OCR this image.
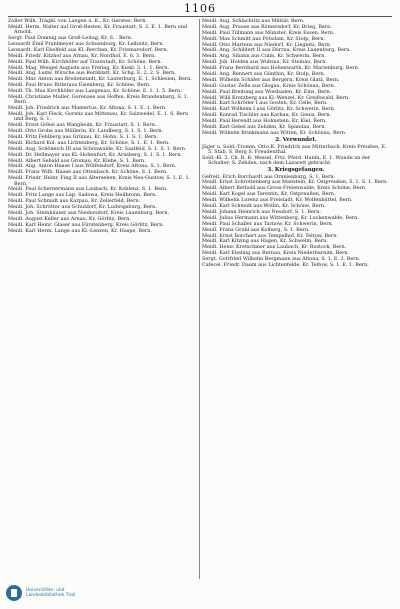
1106
Zoller Wilh. Trägkl. von Langen u. K., Kr. Gerstes, Bern.
Meidl. Herm. Walter auf Groß-Besten, Kr. Fraustatt, S. 2. E. 1. Bern und Arnold.
Sergt. Paul Domnig aus Groß-Leitag, Kr. S. . Bern.
Leonardt Emil Prahlmeyer aus Schuenburg, Kr. Leibnitz, Bern.
Leonardt. Karl Ebelfeld aus Kl.-Rerchen, Kr. Friemarsdorf, Bern.
Meidl. Friedr. Kitzhof aus Arnau, Kr. Nordhof, E. 6. 3. Bern.
Meidl. Paul Wilh. Kirchhöfer auf Trautstadt, Kr. Schöne, Bern.
Meidl. Mag. Wengel Auguste aus Freitag, Kr. Kiekl. 3. 1. 1. Bern.
Meidl. Ang. Ludw. Wirsche aus Bernblatt, Kr. Schg. E. 2. 2. S. Bern.
Meidl. Mar. Anton aus Breitenstadt, Kr. Lauterburg, E. 1. Schlesien, Bern.
Meidl. Paul Bruno Ritteraus Eisenberg, Kr. Schöne, Bern.
Meidl. Th. Max Kirchhöfer aus Langenau, Kr. Schöne, E. 1. 1. 5. Bern.
Meidl. Christiane Muller, Gorenase aus Hoffen, Kreis Brandenburg, S. 1. Bern.
Meidl. Joh. Friedrich aus Mamertus, Kr. Altona, S. 1. E. 1. Bern.
Meidl. Joh. Karl Fleck, Gorenz aus Mittenau, Kr. Salzwedel, E. 1. S. Bern und Berg, S. 1.
Meidl. Ernst Göbel aus Wangheim, Kr. Fraustatt, S. 1. Bern.
Meidl. Otto Grohe aus Müllerin, Kr. Landberg, S. 1. S. 1. Bern.
Meidl. Fritz Fehlberg aus Grünau, Kr. Hohn, S. 1. S. 1. Bern.
Meidl. Richard Kol. aus Lichtenberg, Kr. Schöne, S. 1. E. 1. Bern.
Meidl. Aug. Schöneich III aus Schönwalde, Kr. Saalfeld, S. 1. S. 1. Bern.
Meidl. Dr. Hellmayer aus Kl.-Hohenfurt, Kr. Arnsberg, S. 1. S. 1. Bern.
Meidl. Albert Sebald aus Gromau, Kr. Klebe, S. 1. Bern.
Meidl. Ang. Anton Haase I aus Wülfelsdorf, Kreis Altona, S. 1. Bern.
Meidl. Franz Wilh. Haase aus Ottenbach, Kr. Schöne, S. 1. Bern.
Meidl. Friedr. Heinr. Fing II aus Alterseben, Kreis Neu-Gustow, S. 1. E. 1. Bern.
Meidl. Paul Schernermann aus Laubach, Kr. Koblenz, S. 1. Bern.
Meidl. Fritz Lange aus Lap. Sadowa, Kreis Heilbronn, Bern.
Meidl. Paul Schmidt aus Karpau, Kr. Zellerfeld, Bern.
Meidl. Joh. Schrötter aus Schuldorf, Kr. Ludwigsburg, Bern.
Meidl. Joh. Steinhäuser aus Niedersdorf, Kreis Lauenburg, Bern.
Meidl. August Keller aus Arnau, Kr. Görlitz, Bern.
Meidl. Karl Heinr. Glaser aus Fürstenberg, Kreis Görlitz, Bern.
Meidl. Karl Herm. Lange aus Kl.-Lenzen, Kr. Haspe, Bern.
Meidl. Aug. Schlachtitz aus Militär, Bern.
Meidl. Aug. Prause aus Römersdorf, Kr. Brieg, Bern.
Meidl. Paul Tillmann aus Münster, Kreis Essen, Bern.
Meidl. Max Schmitt aus Potsdam, Kr. Stolp, Bern.
Meidl. Otto Martens aus Niedorf, Kr. Liegnitz, Bern.
Meidl. Ang. Schildert II aus Dörrau, Kreis Lauenburg, Bern.
Meidl. Ang. Sihann aus Culm, Kr. Schwerin, Bern.
Meidl. Joh. Holden aus Wuhrau, Kr. Steinau, Bern.
Meidl. Franz Bernhard aus Hohenwarth, Kr. Marienburg, Bern.
Meidl. Ang. Rennert aus Günthin, Kr. Stolp, Bern.
Meidl. Wilhelm Schäfer aus Bergern, Kreis Glatz, Bern.
Meidl. Gustav Zelle aus Glogau, Kreis Schönau, Bern.
Meidl. Paul Breitung aus Wiesbaden, Kr. Ems, Bern.
Meidl. Willi Kretzberg aus Kl.-Wenzel, Kr. Greifswald, Bern.
Meidl. Karl Schröder I aus Gosten, Kr. Celle, Bern.
Meidl. Karl Wilhelm I aus Görlitz, Kr. Schwerin, Bern.
Meidl. Konrad Tischler aus Karhau, Kr. Geniz, Bern.
Meidl. Paul Berendt aus Hohnstein, Kr. Kiel, Bern.
Meidl. Karl Gebel aus Zehden, Kr. Spandau, Bern.
Meidl. Wilhelm Brinkmann aus Witten, Kr. Schönau, Bern.
2. Verwundet.
Jäger u. Sold.-Tromm. Otto K. Friedrich aus Mitterbach, Kreis Preußen, E. 5. Stab, S. Berg S. Freudenthal.
Sold.-Kl. 2. Ch. R. R. Wessel, Frtz. Pferd. Hanfa, E. 1. Wunde an der Schulter, S. Zehden, nach dem Lazarett gebracht.
3. Kriegsgefangen.
Gefreit. Erich Borchardt aus Oranienburg, S. 1. Bern.
Meidl. Ernst Schrottenberg aus Manstein, Kr. Ostpreußen, S. 1. S. 1. Bern.
Meidl. Albert Bethold aus Gross-Freienwalde, Kreis Schöne, Bern.
Meidl. Karl Kogel aus Tarentin, Kr. Ostpreußen, Bern.
Meidl. Wilhelm Lorenz aus Freistadt, Kr. Wolfenbüttel, Bern.
Meidl. Karl Schmidt aus Wollin, Kr. Schöne, Bern.
Meidl. Johann Heinrich aus Neudorf, S. 1. Bern.
Meidl. Julius Hermann aus Wittenberg, Kr. Luckenwalde, Bern.
Meidl. Paul Schaller aus Tarnow, Kr. Schwerin, Bern.
Meidl. Franz Gruhl aus Kolberg, S. 1. Bern.
Meidl. Ernst Borchert aus Tempelhof, Kr. Teltow, Bern.
Meidl. Karl Kitzing aus Hagen, Kr. Schwelm, Bern.
Meidl. Heinr. Kretschmer aus Laubach, Kr. Rostock, Bern.
Meidl. Karl Ebeling aus Bernau, Kreis Niederbarnim, Bern.
Sergt. Gottfried Wilhelm Bergmann aus Altona, S. 1. E. 2. Bern.
Cafecel. Friedr. Daum aus Lichtenfelde, Kr. Teltow, S. 1. E. 1. Bern.
Universitäts- und
Landesbibliothek Tirol
